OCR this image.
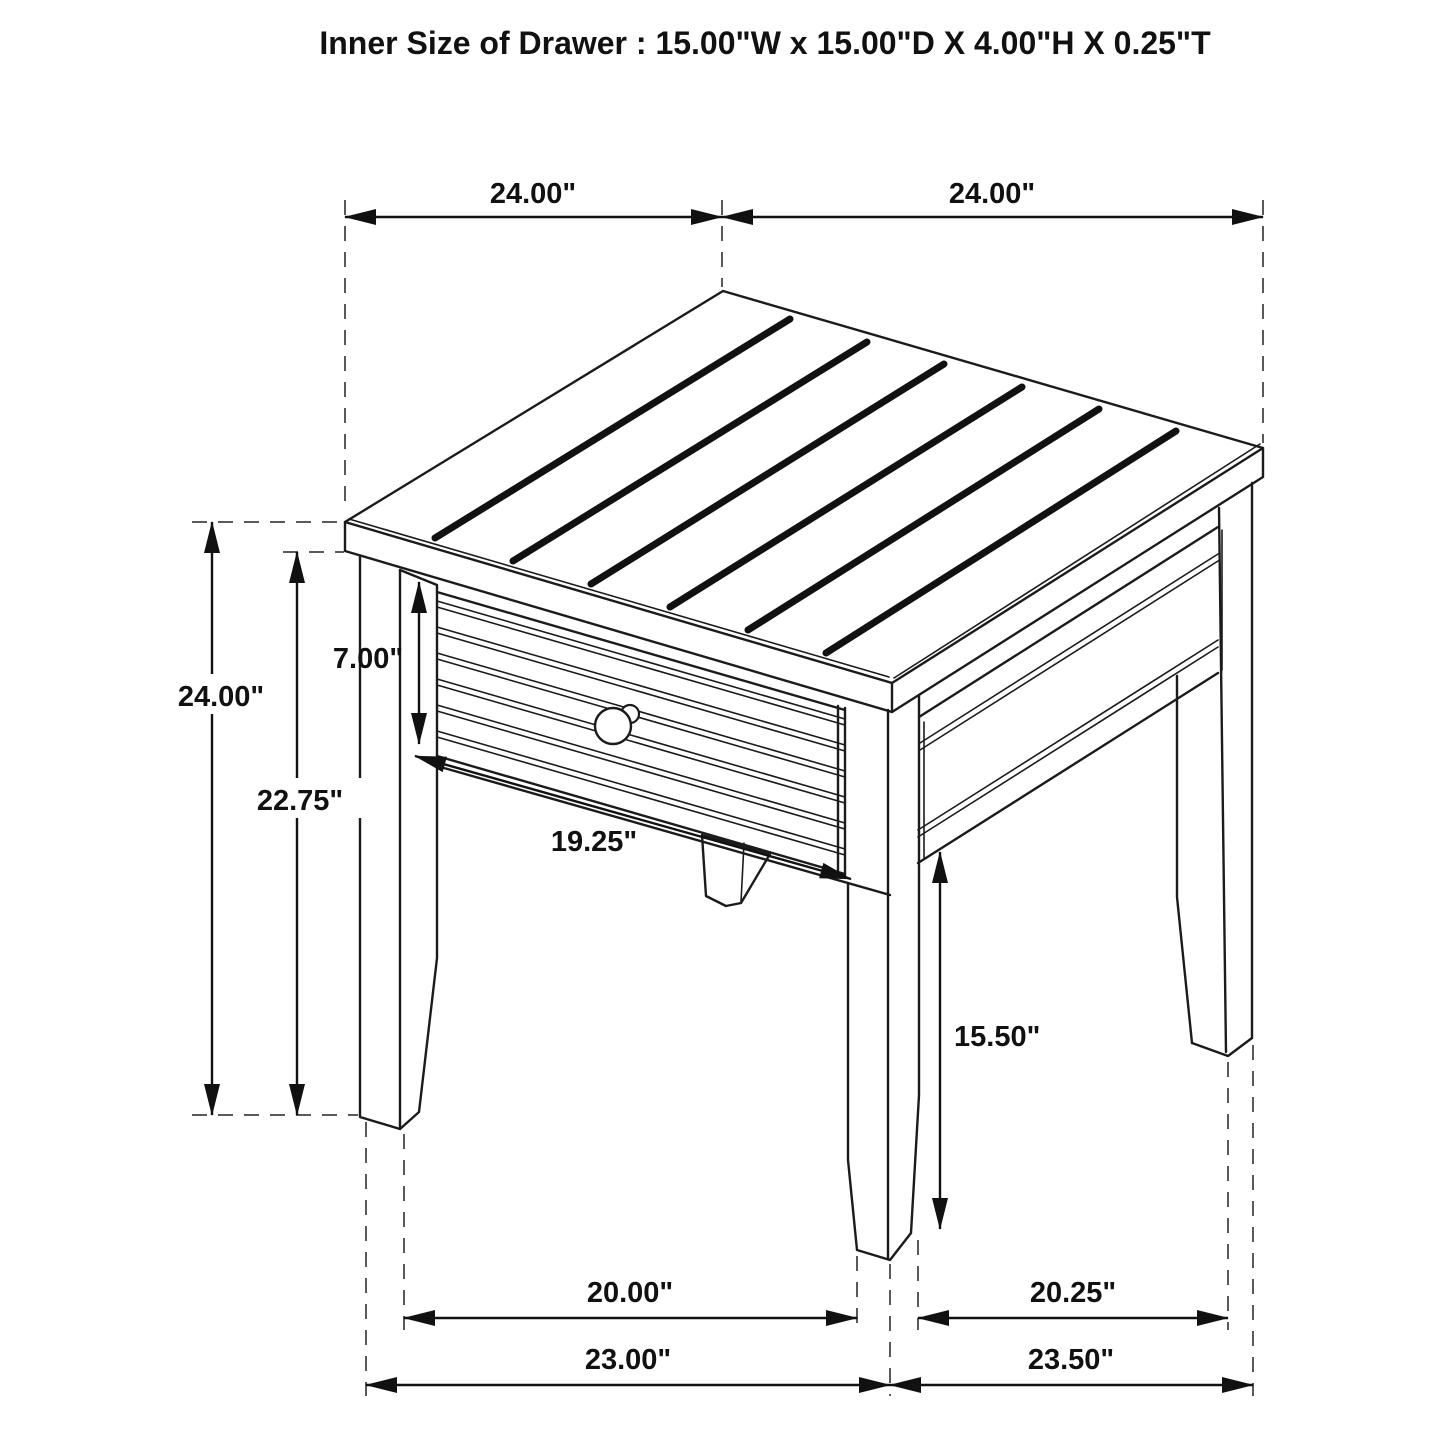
Inner Size of Drawer : 15.00"W x 15.00"D X 4.00"H X 0.25"T
24.00"	24.00"
24.00"
22.75"
7.00"
19.25"
15.50"
20.00"	20.25"
23.00"	23.50"
